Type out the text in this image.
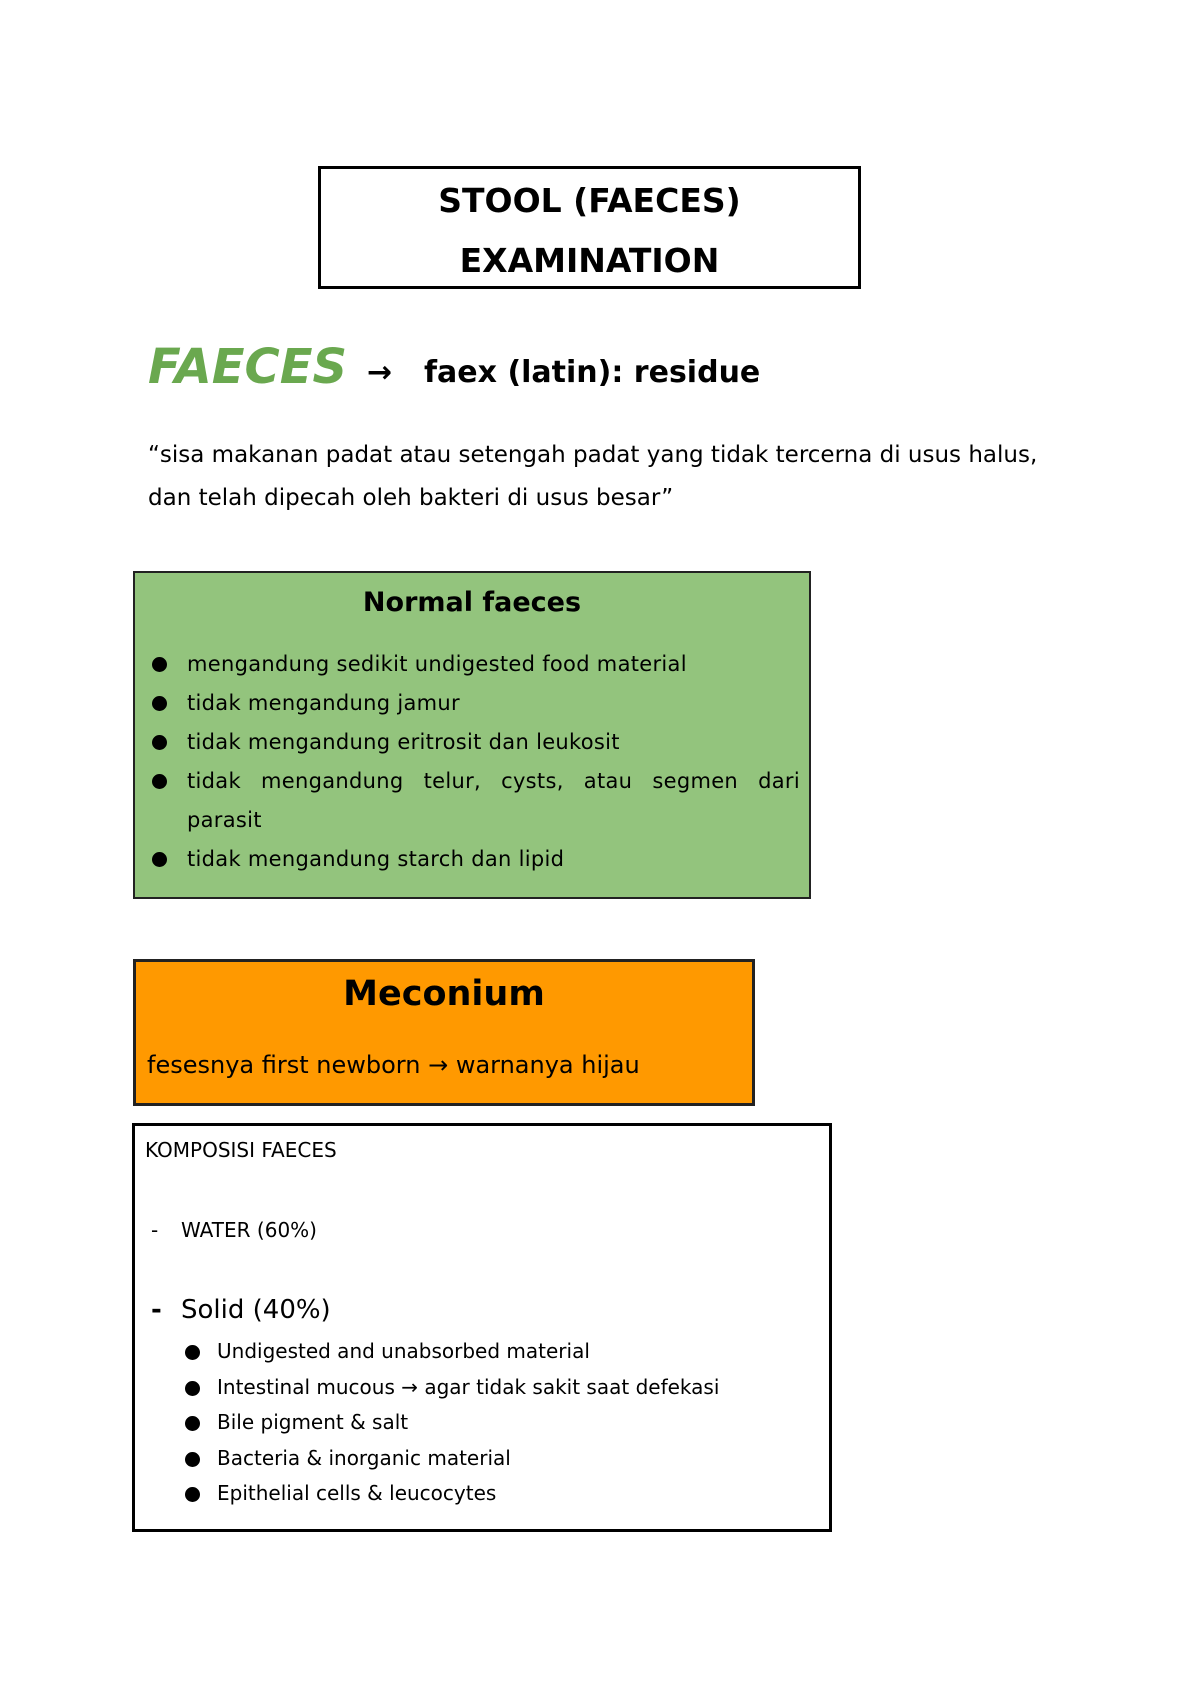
STOOL (FAECES)
EXAMINATION
FAECES → faex (latin): residue
“sisa makanan padat atau setengah padat yang tidak tercerna di usus halus, dan telah dipecah oleh bakteri di usus besar”
Normal faeces
mengandung sedikit undigested food material
tidak mengandung jamur
tidak mengandung eritrosit dan leukosit
tidak mengandung telur, cysts, atau segmen dari parasit
tidak mengandung starch dan lipid
Meconium
fesesnya first newborn → warnanya hijau
KOMPOSISI FAECES
- WATER (60%)
- Solid (40%)
Undigested and unabsorbed material
Intestinal mucous → agar tidak sakit saat defekasi
Bile pigment & salt
Bacteria & inorganic material
Epithelial cells & leucocytes
